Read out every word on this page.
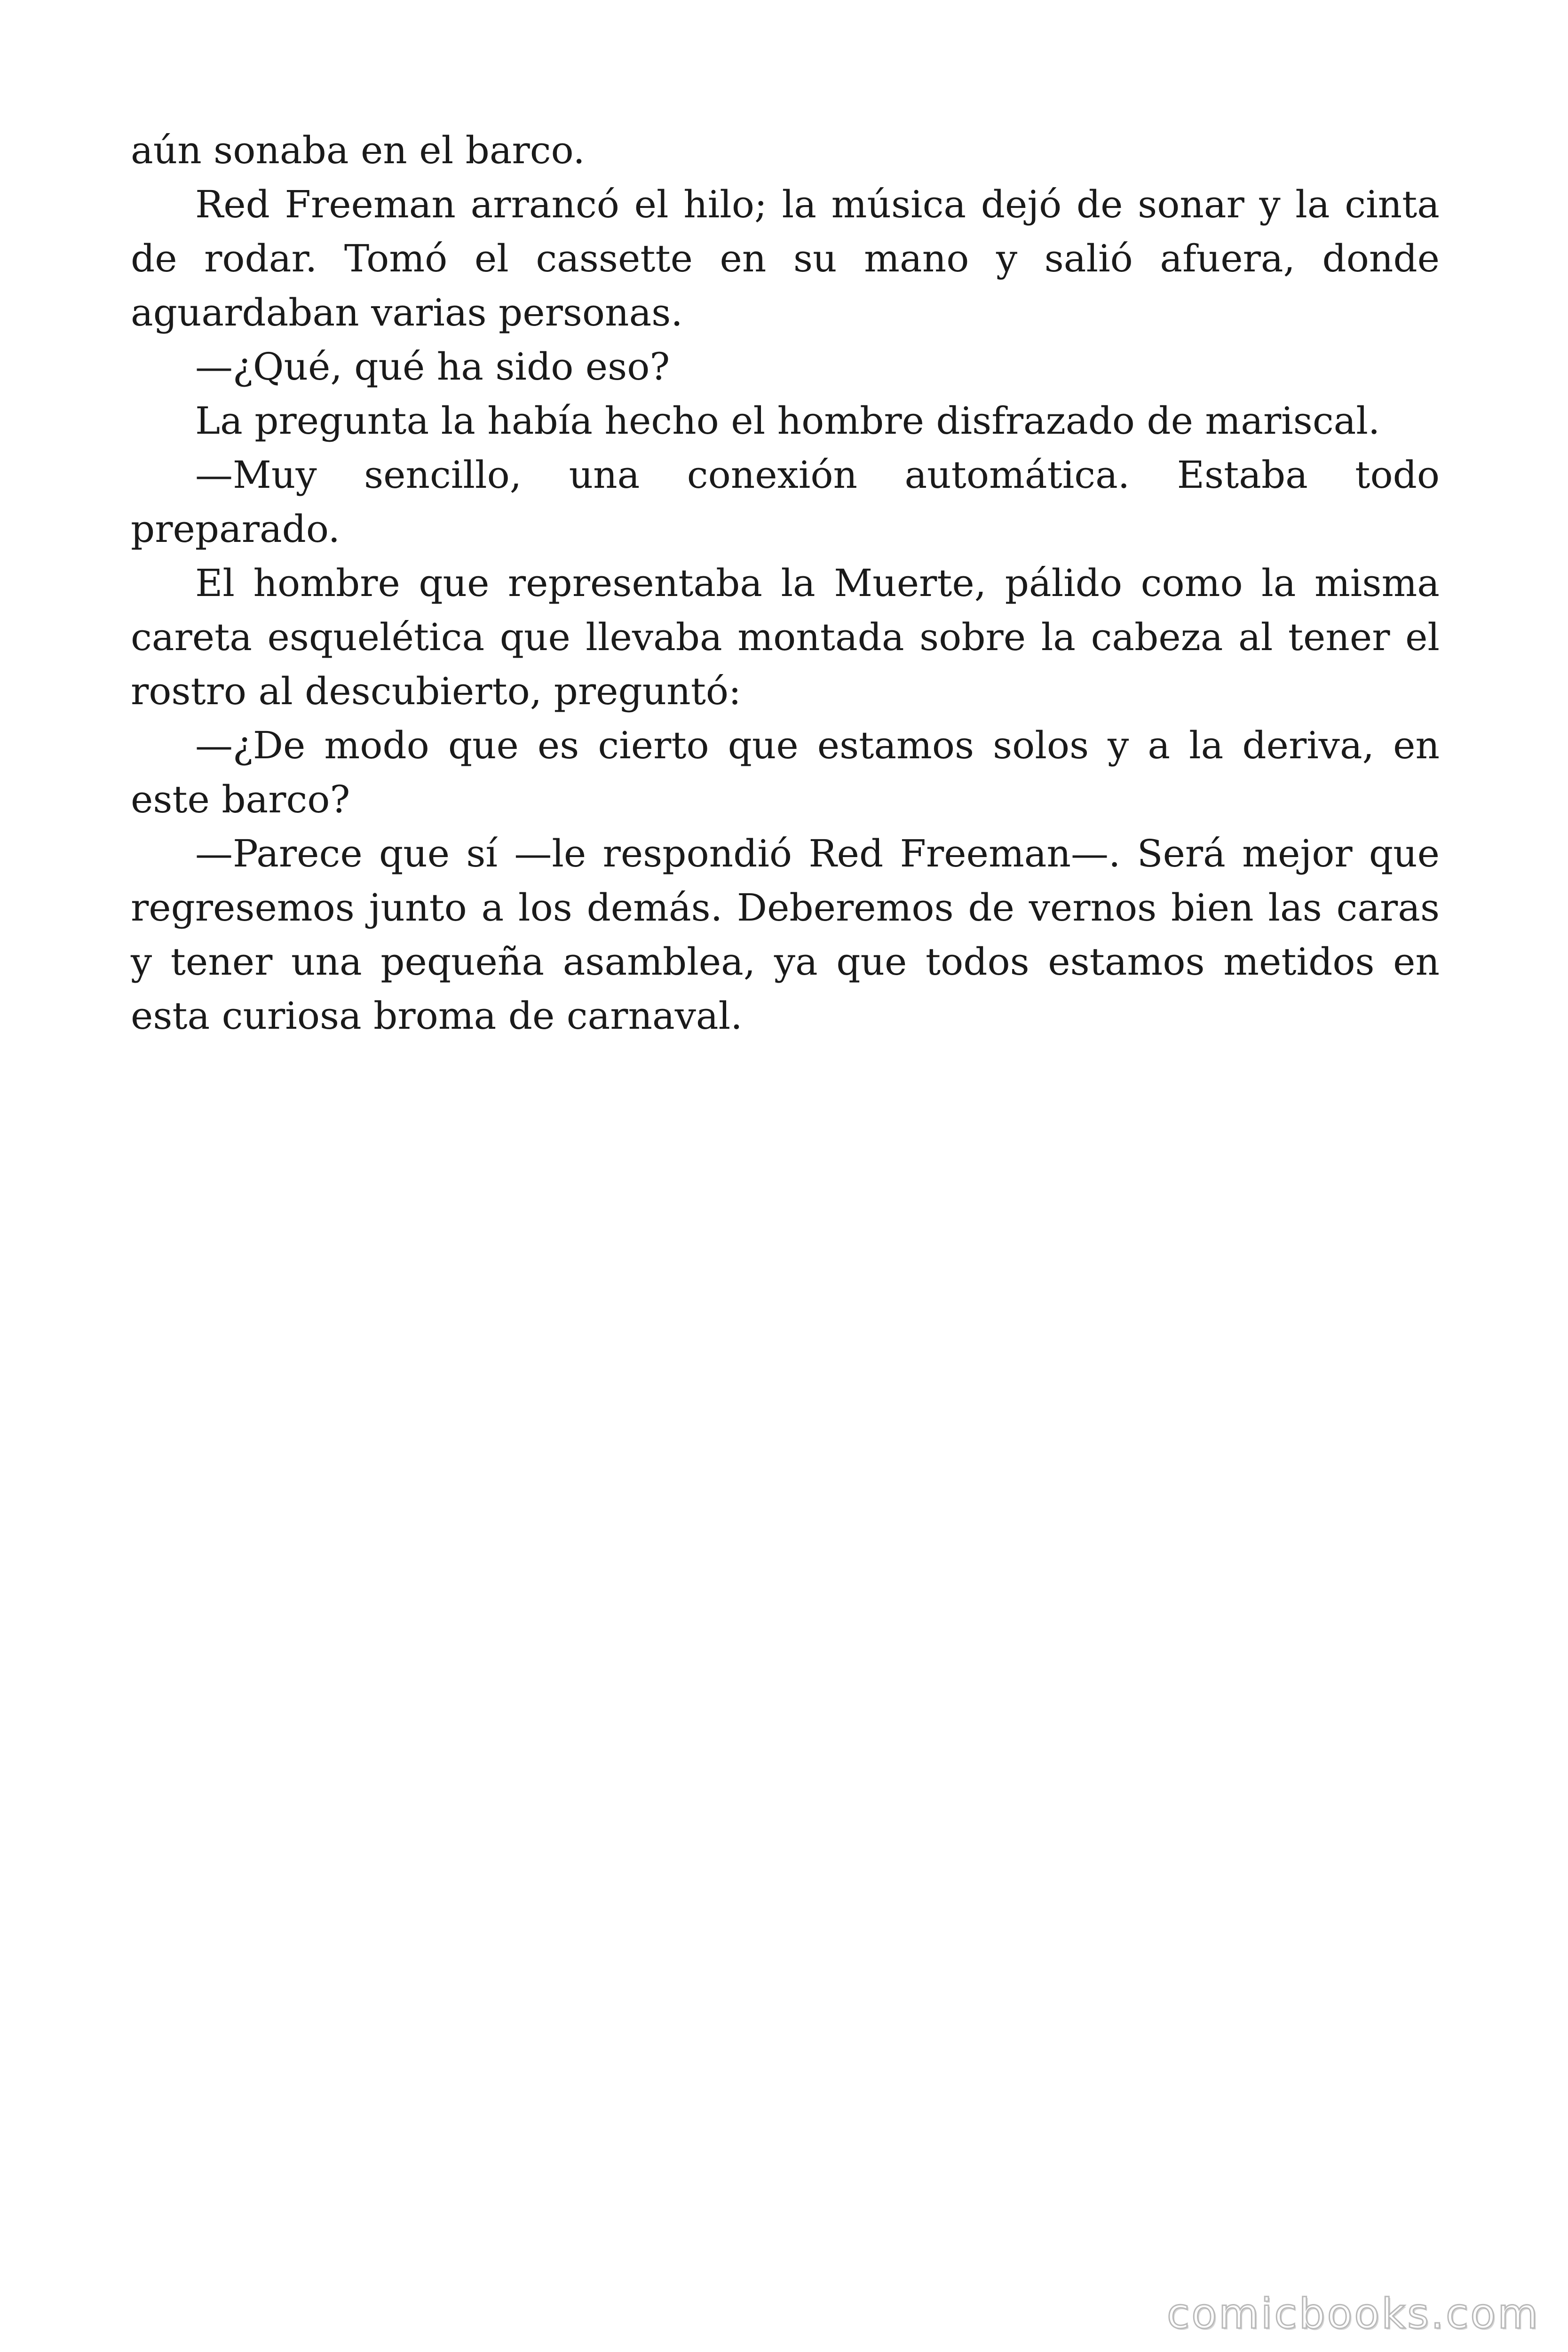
aún sonaba en el barco.

Red Freeman arrancó el hilo; la música dejó de sonar y la cinta de rodar. Tomó el cassette en su mano y salió afuera, donde aguardaban varias personas.

—¿Qué, qué ha sido eso?

La pregunta la había hecho el hombre disfrazado de mariscal.

—Muy sencillo, una conexión automática. Estaba todo preparado.

El hombre que representaba la Muerte, pálido como la misma careta esquelética que llevaba montada sobre la cabeza al tener el rostro al descubierto, preguntó:

—¿De modo que es cierto que estamos solos y a la deriva, en este barco?

—Parece que sí —le respondió Red Freeman—. Será mejor que regresemos junto a los demás. Deberemos de vernos bien las caras y tener una pequeña asamblea, ya que todos estamos metidos en esta curiosa broma de carnaval.

comicbooks.com
